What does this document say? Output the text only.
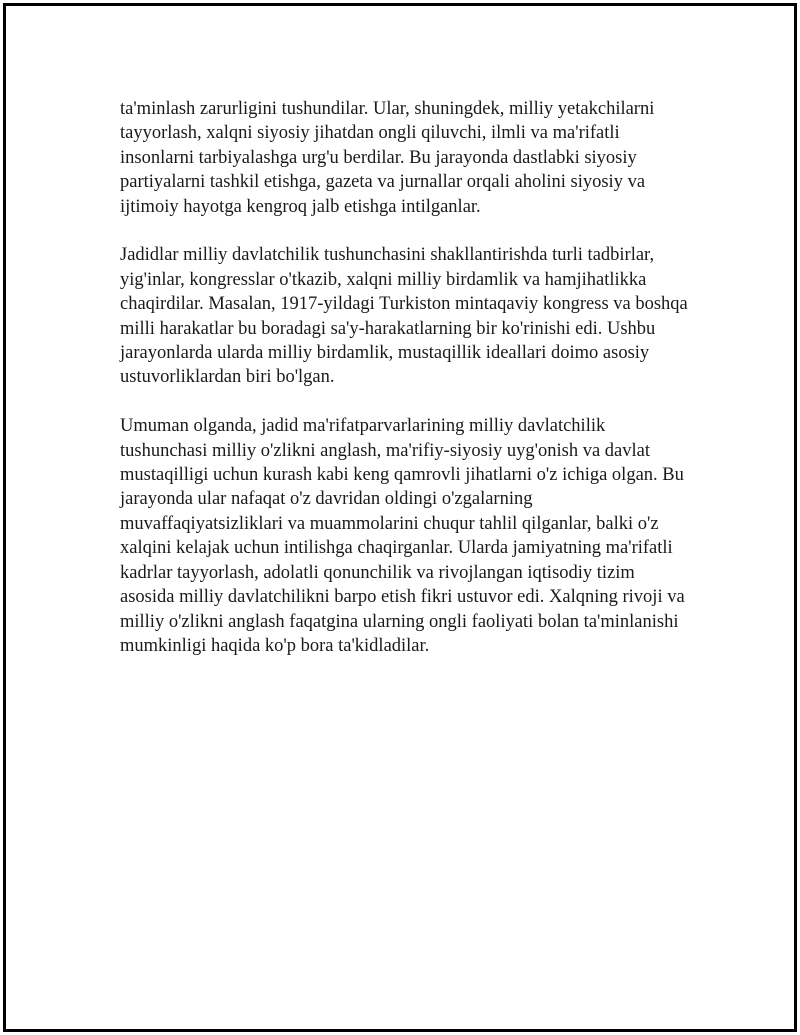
ta'minlash zarurligini tushundilar. Ular, shuningdek, milliy yetakchilarni
tayyorlash, xalqni siyosiy jihatdan ongli qiluvchi, ilmli va ma'rifatli
insonlarni tarbiyalashga urg'u berdilar. Bu jarayonda dastlabki siyosiy
partiyalarni tashkil etishga, gazeta va jurnallar orqali aholini siyosiy va
ijtimoiy hayotga kengroq jalb etishga intilganlar.

Jadidlar milliy davlatchilik tushunchasini shakllantirishda turli tadbirlar,
yig'inlar, kongresslar o'tkazib, xalqni milliy birdamlik va hamjihatlikka
chaqirdilar. Masalan, 1917-yildagi Turkiston mintaqaviy kongress va boshqa
milli harakatlar bu boradagi sa'y-harakatlarning bir ko'rinishi edi. Ushbu
jarayonlarda ularda milliy birdamlik, mustaqillik ideallari doimo asosiy
ustuvorliklardan biri bo'lgan.

Umuman olganda, jadid ma'rifatparvarlarining milliy davlatchilik
tushunchasi milliy o'zlikni anglash, ma'rifiy-siyosiy uyg'onish va davlat
mustaqilligi uchun kurash kabi keng qamrovli jihatlarni o'z ichiga olgan. Bu
jarayonda ular nafaqat o'z davridan oldingi o'zgalarning
muvaffaqiyatsizliklari va muammolarini chuqur tahlil qilganlar, balki o'z
xalqini kelajak uchun intilishga chaqirganlar. Ularda jamiyatning ma'rifatli
kadrlar tayyorlash, adolatli qonunchilik va rivojlangan iqtisodiy tizim
asosida milliy davlatchilikni barpo etish fikri ustuvor edi. Xalqning rivoji va
milliy o'zlikni anglash faqatgina ularning ongli faoliyati bolan ta'minlanishi
mumkinligi haqida ko'p bora ta'kidladilar.
